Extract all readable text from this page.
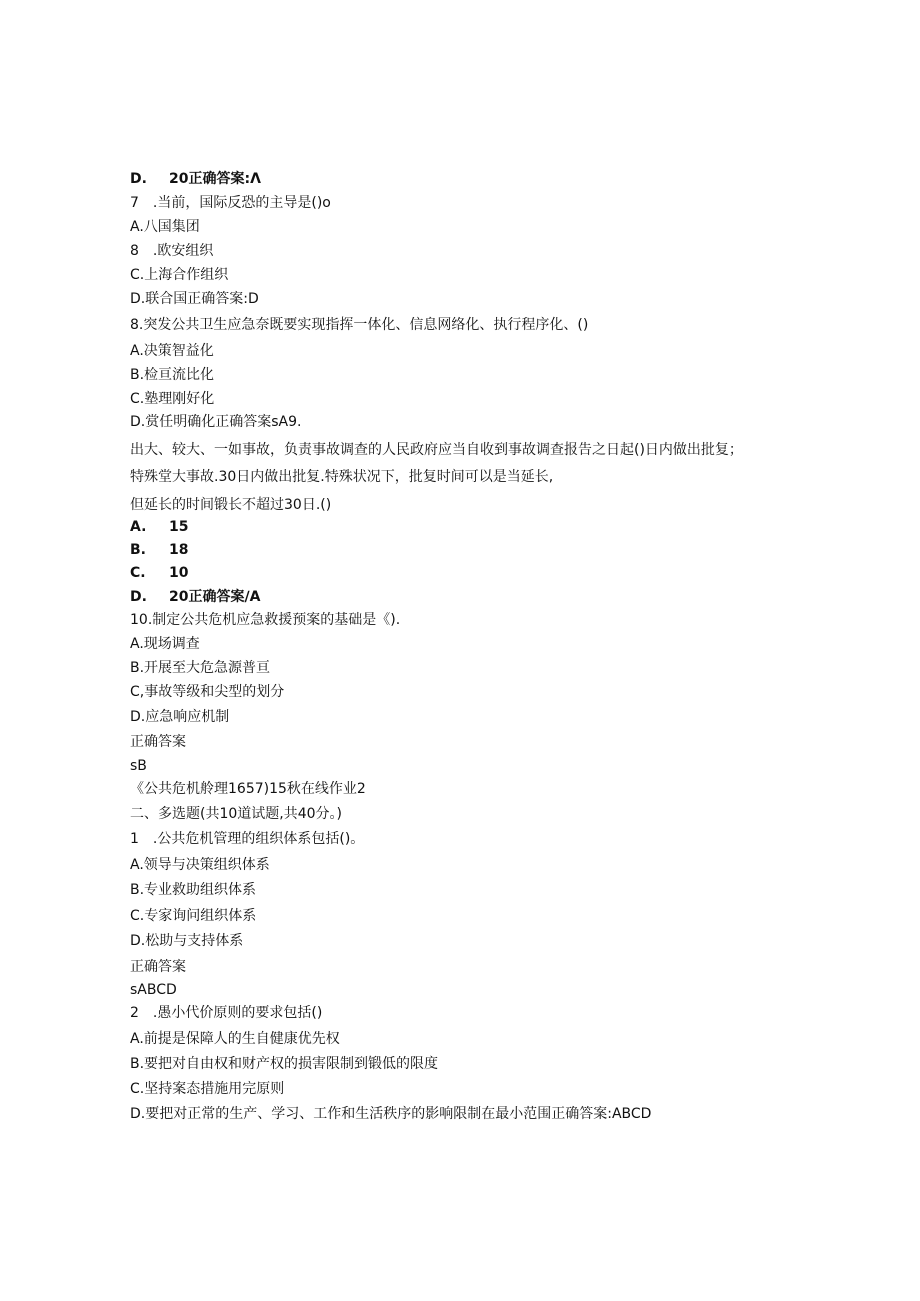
D. 20正确答案:Λ
7　.当前，国际反恐的主导是()o
A.八国集团
8　.欧安组织
C.上海合作组织
D.联合国正确答案:D
8.突发公共卫生应急奈既要实现指挥一体化、信息网络化、执行程序化、()
A.决策智益化
B.检亘流比化
C.塾理刚好化
D.赏任明确化正确答案sA9.
出大、较大、一如事故，负责事故调查的人民政府应当自收到事故调查报告之日起()日内做出批复；
特殊堂大事故.30日内做出批复.特殊状况下，批复时间可以是当延长,
但延长的时间锻长不超过30日.()
A. 15
B. 18
C. 10
D. 20正确答案∕A
10.制定公共危机应急救援预案的基础是《).
A.现场调查
B.开展至大危急源普亘
C,事故等级和尖型的划分
D.应急响应机制
正确答案
sB
《公共危机舲理1657)15秋在线作业2
二、多选题(共10道试题,共40分。)
1　.公共危机管理的组织体系包括()。
A.领导与决策组织体系
B.专业救助组织体系
C.专家询问组织体系
D.松助与支持体系
正确答案
sABCD
2　.愚小代价原则的要求包括()
A.前提是保障人的生自健康优先权
B.要把对自由权和财产权的损害限制到锻低的限度
C.坚持案态措施用完原则
D.要把对正常的生产、学习、工作和生活秩序的影响限制在最小范围正确答案:ABCD
